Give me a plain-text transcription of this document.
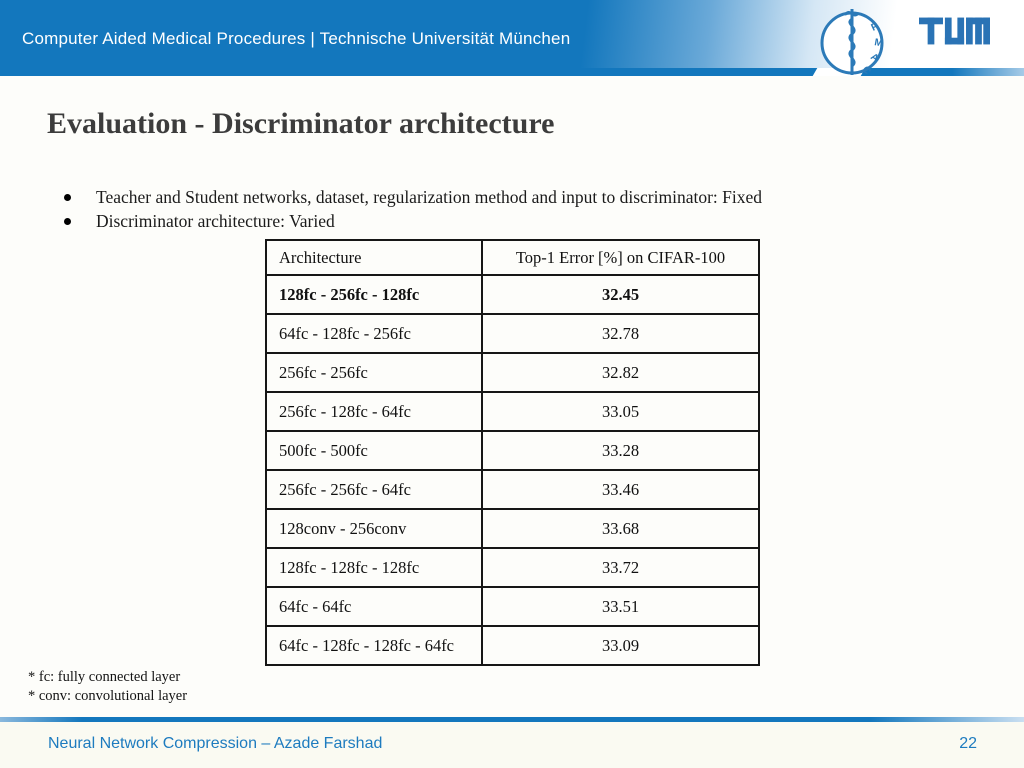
Computer Aided Medical Procedures | Technische Universität München
C
A
M
P
Evaluation - Discriminator architecture
Teacher and Student networks, dataset, regularization method and input to discriminator: Fixed
Discriminator architecture: Varied
Architecture	Top-1 Error [%] on CIFAR-100
128fc - 256fc - 128fc	32.45
64fc - 128fc - 256fc	32.78
256fc - 256fc	32.82
256fc - 128fc - 64fc	33.05
500fc - 500fc	33.28
256fc - 256fc - 64fc	33.46
128conv - 256conv	33.68
128fc - 128fc - 128fc	33.72
64fc - 64fc	33.51
64fc - 128fc - 128fc - 64fc	33.09
* fc: fully connected layer
* conv: convolutional layer
Neural Network Compression – Azade Farshad	22
